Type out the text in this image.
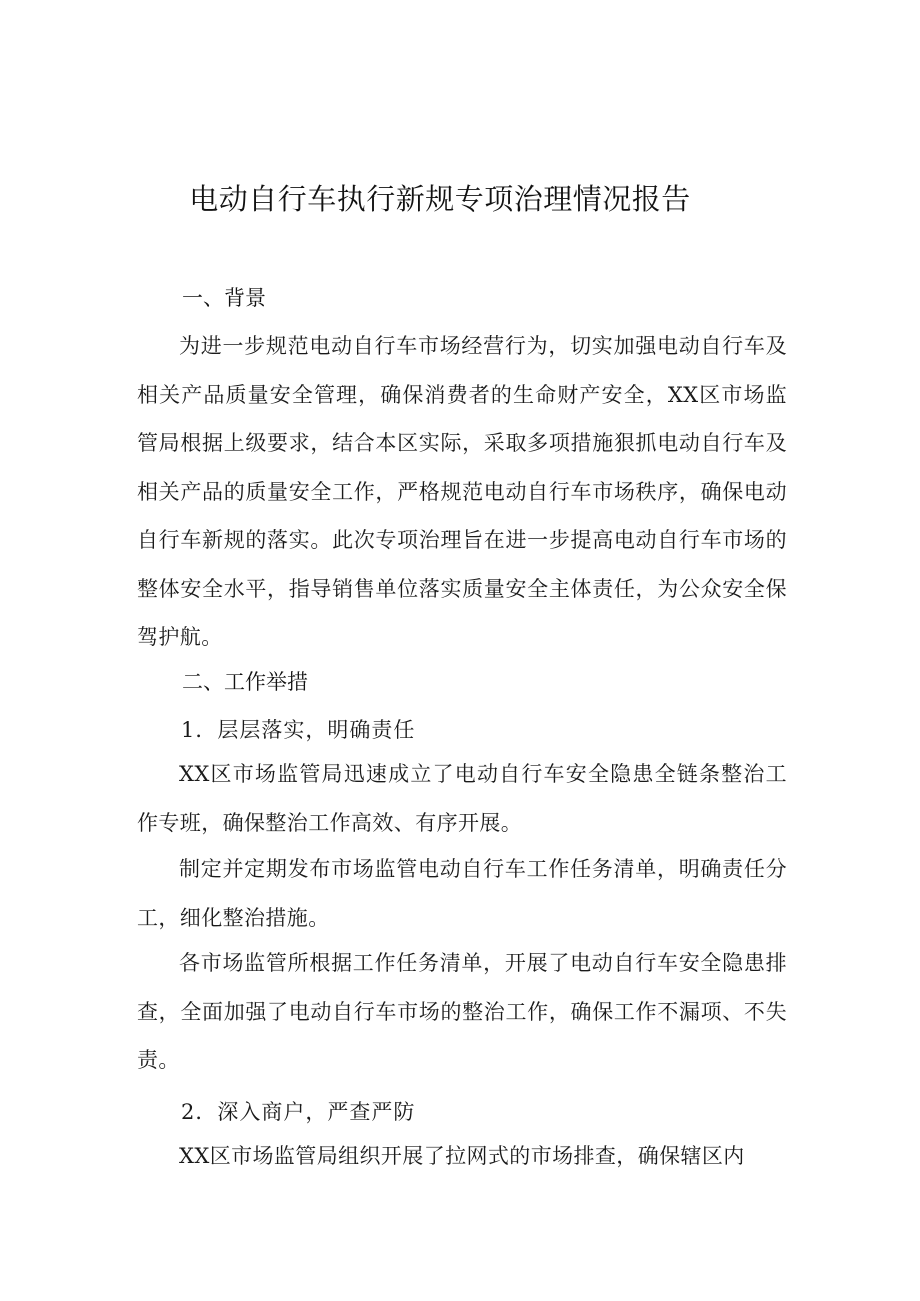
电动自行车执行新规专项治理情况报告
一、背景
为进一步规范电动自行车市场经营行为，切实加强电动自行车及相关产品质量安全管理，确保消费者的生命财产安全，XX区市场监管局根据上级要求，结合本区实际，采取多项措施狠抓电动自行车及相关产品的质量安全工作，严格规范电动自行车市场秩序，确保电动自行车新规的落实。此次专项治理旨在进一步提高电动自行车市场的整体安全水平，指导销售单位落实质量安全主体责任，为公众安全保驾护航。
二、工作举措
1．层层落实，明确责任
XX区市场监管局迅速成立了电动自行车安全隐患全链条整治工作专班，确保整治工作高效、有序开展。
制定并定期发布市场监管电动自行车工作任务清单，明确责任分工，细化整治措施。
各市场监管所根据工作任务清单，开展了电动自行车安全隐患排查，全面加强了电动自行车市场的整治工作，确保工作不漏项、不失责。
2．深入商户，严查严防
XX区市场监管局组织开展了拉网式的市场排查，确保辖区内
